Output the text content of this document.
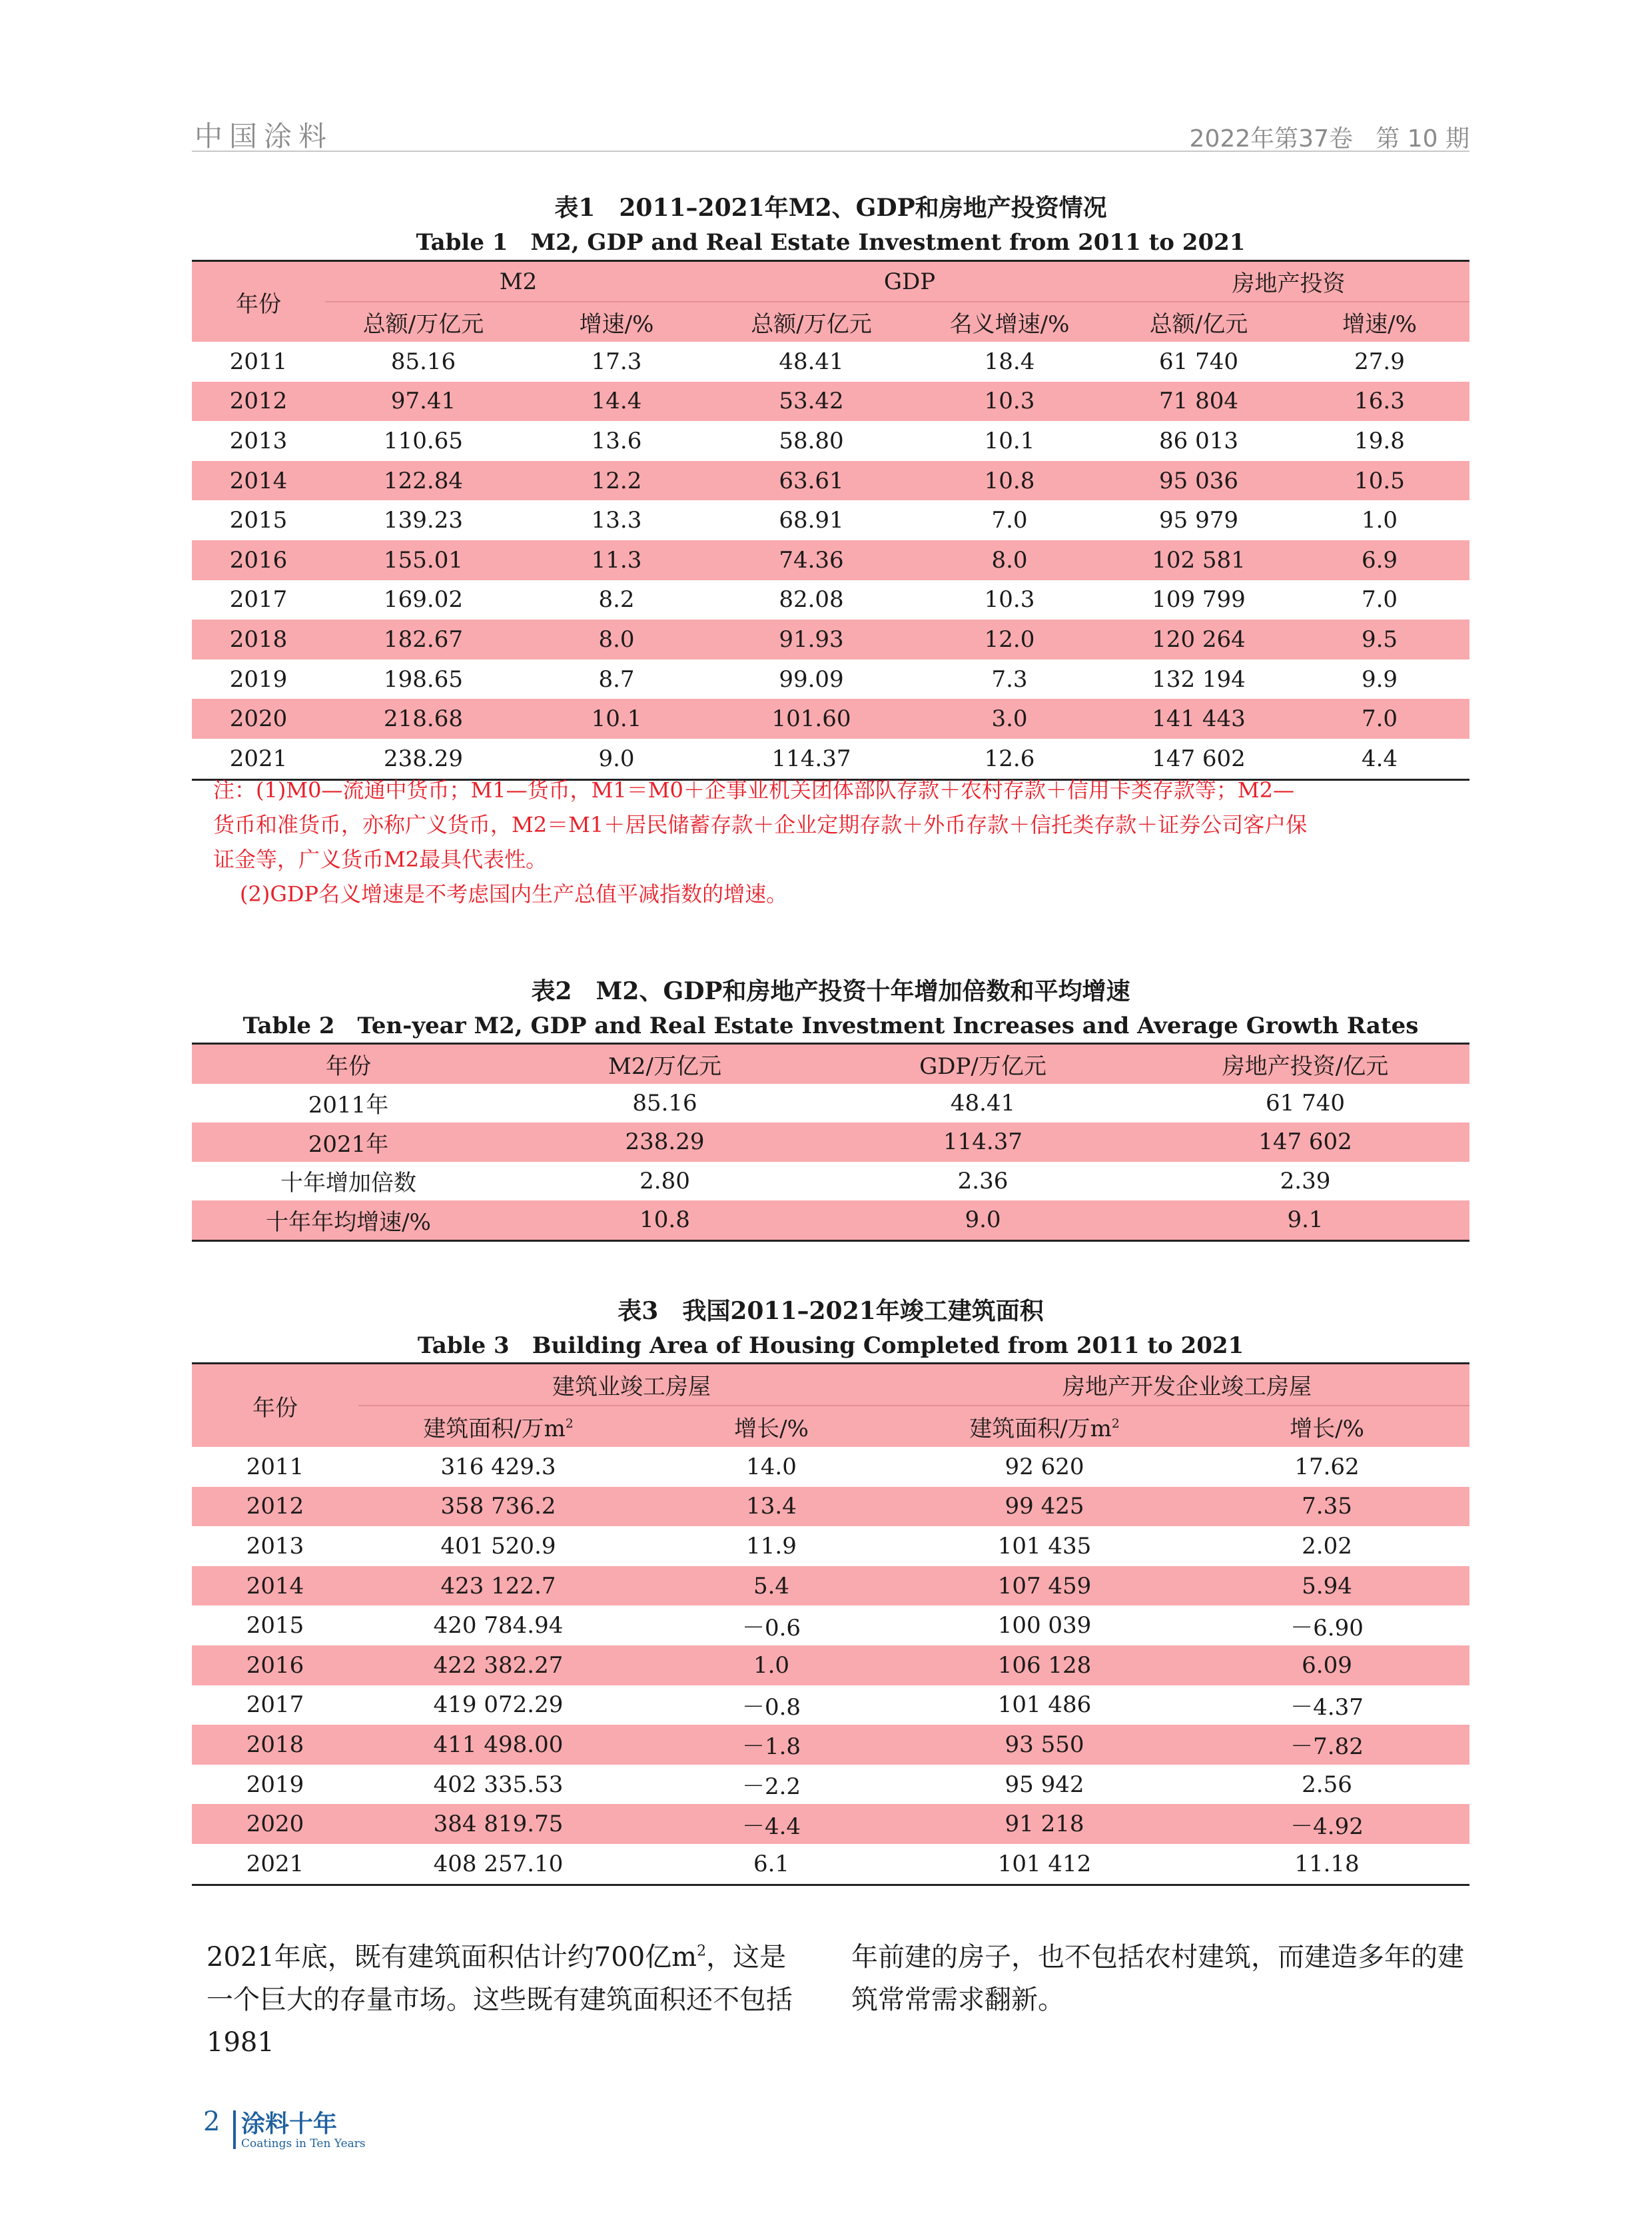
中国涂料	2022年第37卷   第 10 期
表1　2011–2021年M2、GDP和房地产投资情况
Table 1　M2, GDP and Real Estate Investment from 2011 to 2021
年份	M2		GDP		房地产投资	
	总额/万亿元	增速/%	总额/万亿元	名义增速/%	总额/亿元	增速/%
2011	85.16	17.3	48.41	18.4	61 740	27.9
2012	97.41	14.4	53.42	10.3	71 804	16.3
2013	110.65	13.6	58.80	10.1	86 013	19.8
2014	122.84	12.2	63.61	10.8	95 036	10.5
2015	139.23	13.3	68.91	7.0	95 979	1.0
2016	155.01	11.3	74.36	8.0	102 581	6.9
2017	169.02	8.2	82.08	10.3	109 799	7.0
2018	182.67	8.0	91.93	12.0	120 264	9.5
2019	198.65	8.7	99.09	7.3	132 194	9.9
2020	218.68	10.1	101.60	3.0	141 443	7.0
2021	238.29	9.0	114.37	12.6	147 602	4.4

注：(1)M0—流通中货币；M1—货币，M1＝M0＋企事业机关团体部队存款＋农村存款＋信用卡类存款等；M2—

货币和准货币，亦称广义货币，M2＝M1＋居民储蓄存款＋企业定期存款＋外币存款＋信托类存款＋证券公司客户保

证金等，广义货币M2最具代表性。

(2)GDP名义增速是不考虑国内生产总值平减指数的增速。

表2　M2、GDP和房地产投资十年增加倍数和平均增速
Table 2　Ten-year M2, GDP and Real Estate Investment Increases and Average Growth Rates
年份	M2/万亿元	GDP/万亿元	房地产投资/亿元
2011年	85.16	48.41	61 740
2021年	238.29	114.37	147 602
十年增加倍数	2.80	2.36	2.39
十年年均增速/%	10.8	9.0	9.1
表3　我国2011–2021年竣工建筑面积
Table 3　Building Area of Housing Completed from 2011 to 2021
年份	建筑业竣工房屋		房地产开发企业竣工房屋	
	建筑面积/万$m^2$	增长/%	建筑面积/万$m^2$	增长/%
2011	316 429.3	14.0	92 620	17.62
2012	358 736.2	13.4	99 425	7.35
2013	401 520.9	11.9	101 435	2.02
2014	423 122.7	5.4	107 459	5.94
2015	420 784.94	－0.6	100 039	－6.90
2016	422 382.27	1.0	106 128	6.09
2017	419 072.29	－0.8	101 486	－4.37
2018	411 498.00	－1.8	93 550	－7.82
2019	402 335.53	－2.2	95 942	2.56
2020	384 819.75	－4.4	91 218	－4.92
2021	408 257.10	6.1	101 412	11.18
2021年底，既有建筑面积估计约700亿$m^2$，这是一个巨大的存量市场。这些既有建筑面积还不包括1981
年前建的房子，也不包括农村建筑，而建造多年的建筑常常需求翻新。
2 涂料十年
Coatings in Ten Years
